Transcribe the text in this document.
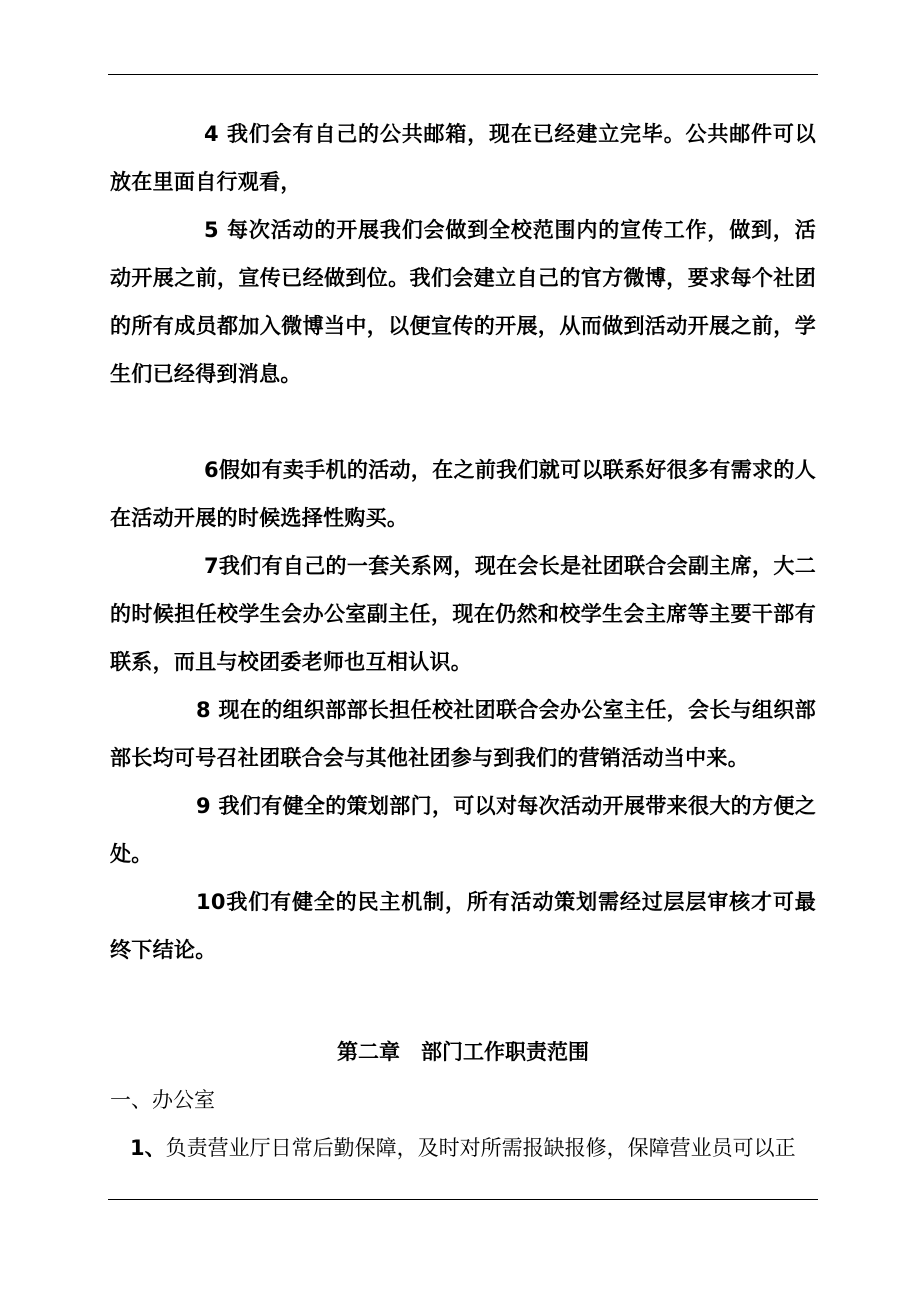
4 我们会有自己的公共邮箱，现在已经建立完毕。公共邮件可以放在里面自行观看，

5 每次活动的开展我们会做到全校范围内的宣传工作，做到，活动开展之前，宣传已经做到位。我们会建立自己的官方微博，要求每个社团的所有成员都加入微博当中，以便宣传的开展，从而做到活动开展之前，学生们已经得到消息。

6假如有卖手机的活动，在之前我们就可以联系好很多有需求的人在活动开展的时候选择性购买。

7我们有自己的一套关系网，现在会长是社团联合会副主席，大二的时候担任校学生会办公室副主任，现在仍然和校学生会主席等主要干部有联系，而且与校团委老师也互相认识。

8 现在的组织部部长担任校社团联合会办公室主任，会长与组织部部长均可号召社团联合会与其他社团参与到我们的营销活动当中来。

9 我们有健全的策划部门，可以对每次活动开展带来很大的方便之处。

10我们有健全的民主机制，所有活动策划需经过层层审核才可最终下结论。

第二章　部门工作职责范围
一、办公室

1、负责营业厅日常后勤保障，及时对所需报缺报修，保障营业员可以正
